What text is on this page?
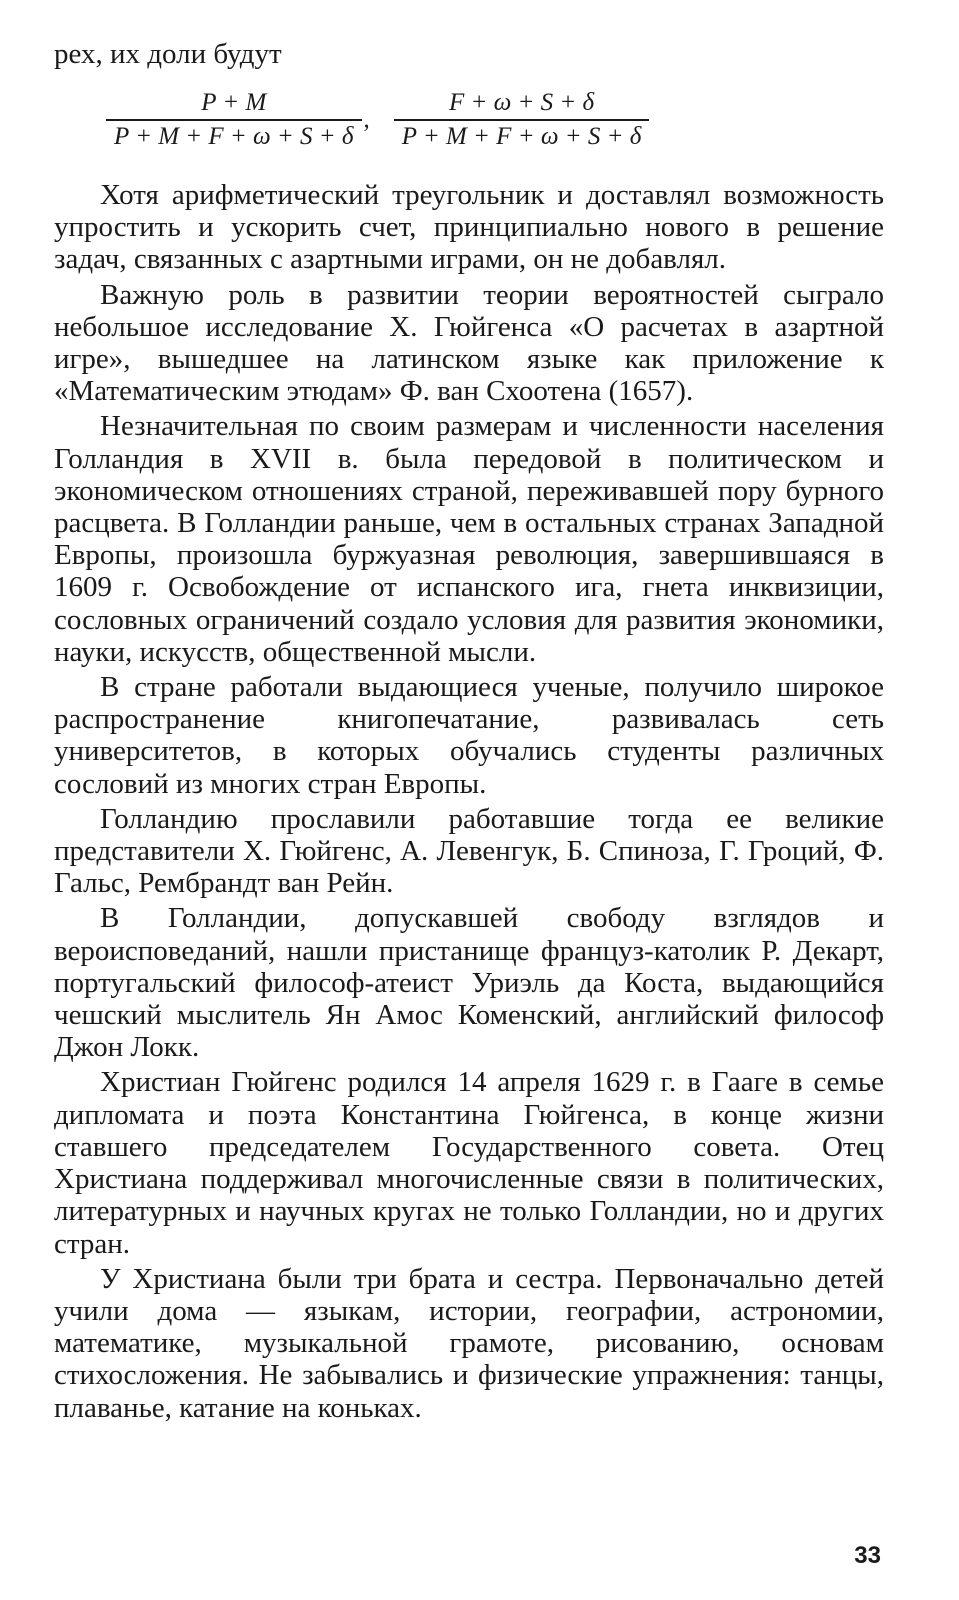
рех, их доли будут

$\frac{P + M}{P + M + F + \omega + S + \delta}$ , $\frac{F + \omega + S + \delta}{P + M + F + \omega + S + \delta}$

Хотя арифметический треугольник и доставлял возможность упростить и ускорить счет, принципиально нового в решение задач, связанных с азартными играми, он не добавлял.

Важную роль в развитии теории вероятностей сыграло небольшое исследование Х. Гюйгенса «О расчетах в азартной игре», вышедшее на латинском языке как приложение к «Математическим этюдам» Ф. ван Схоотена (1657).

Незначительная по своим размерам и численности населения Голландия в XVII в. была передовой в политическом и экономическом отношениях страной, переживавшей пору бурного расцвета. В Голландии раньше, чем в остальных странах Западной Европы, произошла буржуазная революция, завершившаяся в 1609 г. Освобождение от испанского ига, гнета инквизиции, сословных ограничений создало условия для развития экономики, науки, искусств, общественной мысли.

В стране работали выдающиеся ученые, получило широкое распространение книгопечатание, развивалась сеть университетов, в которых обучались студенты различных сословий из многих стран Европы.

Голландию прославили работавшие тогда ее великие представители Х. Гюйгенс, А. Левенгук, Б. Спиноза, Г. Гроций, Ф. Гальс, Рембрандт ван Рейн.

В Голландии, допускавшей свободу взглядов и вероисповеданий, нашли пристанище француз-католик Р. Декарт, португальский философ-атеист Уриэль да Коста, выдающийся чешский мыслитель Ян Амос Коменский, английский философ Джон Локк.

Христиан Гюйгенс родился 14 апреля 1629 г. в Гааге в семье дипломата и поэта Константина Гюйгенса, в конце жизни ставшего председателем Государственного совета. Отец Христиана поддерживал многочисленные связи в политических, литературных и научных кругах не только Голландии, но и других стран.

У Христиана были три брата и сестра. Первоначально детей учили дома — языкам, истории, географии, астрономии, математике, музыкальной грамоте, рисованию, основам стихосложения. Не забывались и физические упражнения: танцы, плаванье, катание на коньках.

33
